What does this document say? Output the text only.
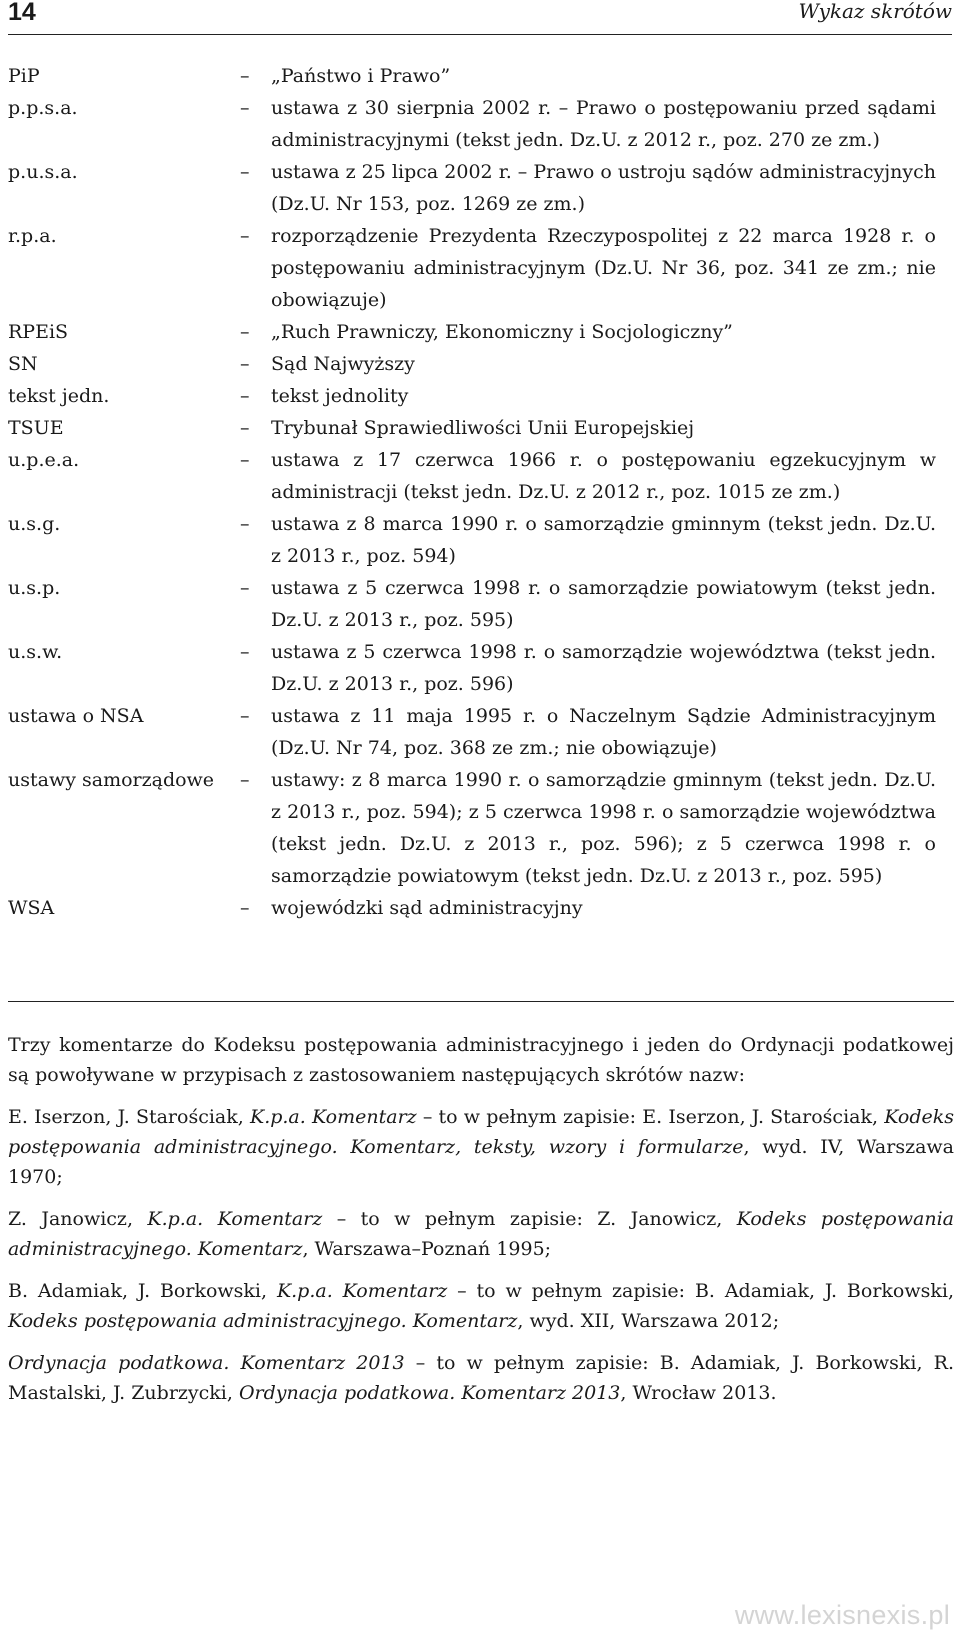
14	Wykaz skrótów
PiP	–	„Państwo i Prawo”
p.p.s.a.	–	ustawa z 30 sierpnia 2002 r. – Prawo o postępowaniu przed sądami administracyjnymi (tekst jedn. Dz.U. z 2012 r., poz. 270 ze zm.)
p.u.s.a.	–	ustawa z 25 lipca 2002 r. – Prawo o ustroju sądów administracyjnych (Dz.U. Nr 153, poz. 1269 ze zm.)
r.p.a.	–	rozporządzenie Prezydenta Rzeczypospolitej z 22 marca 1928 r. o postępowaniu administracyjnym (Dz.U. Nr 36, poz. 341 ze zm.; nie obowiązuje)
RPEiS	–	„Ruch Prawniczy, Ekonomiczny i Socjologiczny”
SN	–	Sąd Najwyższy
tekst jedn.	–	tekst jednolity
TSUE	–	Trybunał Sprawiedliwości Unii Europejskiej
u.p.e.a.	–	ustawa z 17 czerwca 1966 r. o postępowaniu egzekucyjnym w administracji (tekst jedn. Dz.U. z 2012 r., poz. 1015 ze zm.)
u.s.g.	–	ustawa z 8 marca 1990 r. o samorządzie gminnym (tekst jedn. Dz.U. z 2013 r., poz. 594)
u.s.p.	–	ustawa z 5 czerwca 1998 r. o samorządzie powiatowym (tekst jedn. Dz.U. z 2013 r., poz. 595)
u.s.w.	–	ustawa z 5 czerwca 1998 r. o samorządzie województwa (tekst jedn. Dz.U. z 2013 r., poz. 596)
ustawa o NSA	–	ustawa z 11 maja 1995 r. o Naczelnym Sądzie Administracyjnym (Dz.U. Nr 74, poz. 368 ze zm.; nie obowiązuje)
ustawy samorządowe	–	ustawy: z 8 marca 1990 r. o samorządzie gminnym (tekst jedn. Dz.U. z 2013 r., poz. 594); z 5 czerwca 1998 r. o samorządzie województwa (tekst jedn. Dz.U. z 2013 r., poz. 596); z 5 czerwca 1998 r. o samorządzie powiatowym (tekst jedn. Dz.U. z 2013 r., poz. 595)
WSA	–	wojewódzki sąd administracyjny

Trzy komentarze do Kodeksu postępowania administracyjnego i jeden do Ordynacji podatkowej są powoływane w przypisach z zastosowaniem następujących skrótów nazw:

E. Iserzon, J. Starościak, K.p.a. Komentarz – to w pełnym zapisie: E. Iserzon, J. Starościak, Kodeks postępowania administracyjnego. Komentarz, teksty, wzory i formularze, wyd. IV, Warszawa 1970;

Z. Janowicz, K.p.a. Komentarz – to w pełnym zapisie: Z. Janowicz, Kodeks postępowania administracyjnego. Komentarz, Warszawa–Poznań 1995;

B. Adamiak, J. Borkowski, K.p.a. Komentarz – to w pełnym zapisie: B. Adamiak, J. Borkowski, Kodeks postępowania administracyjnego. Komentarz, wyd. XII, Warszawa 2012;

Ordynacja podatkowa. Komentarz 2013 – to w pełnym zapisie: B. Adamiak, J. Borkowski, R. Mastalski, J. Zubrzycki, Ordynacja podatkowa. Komentarz 2013, Wrocław 2013.

www.lexisnexis.pl
